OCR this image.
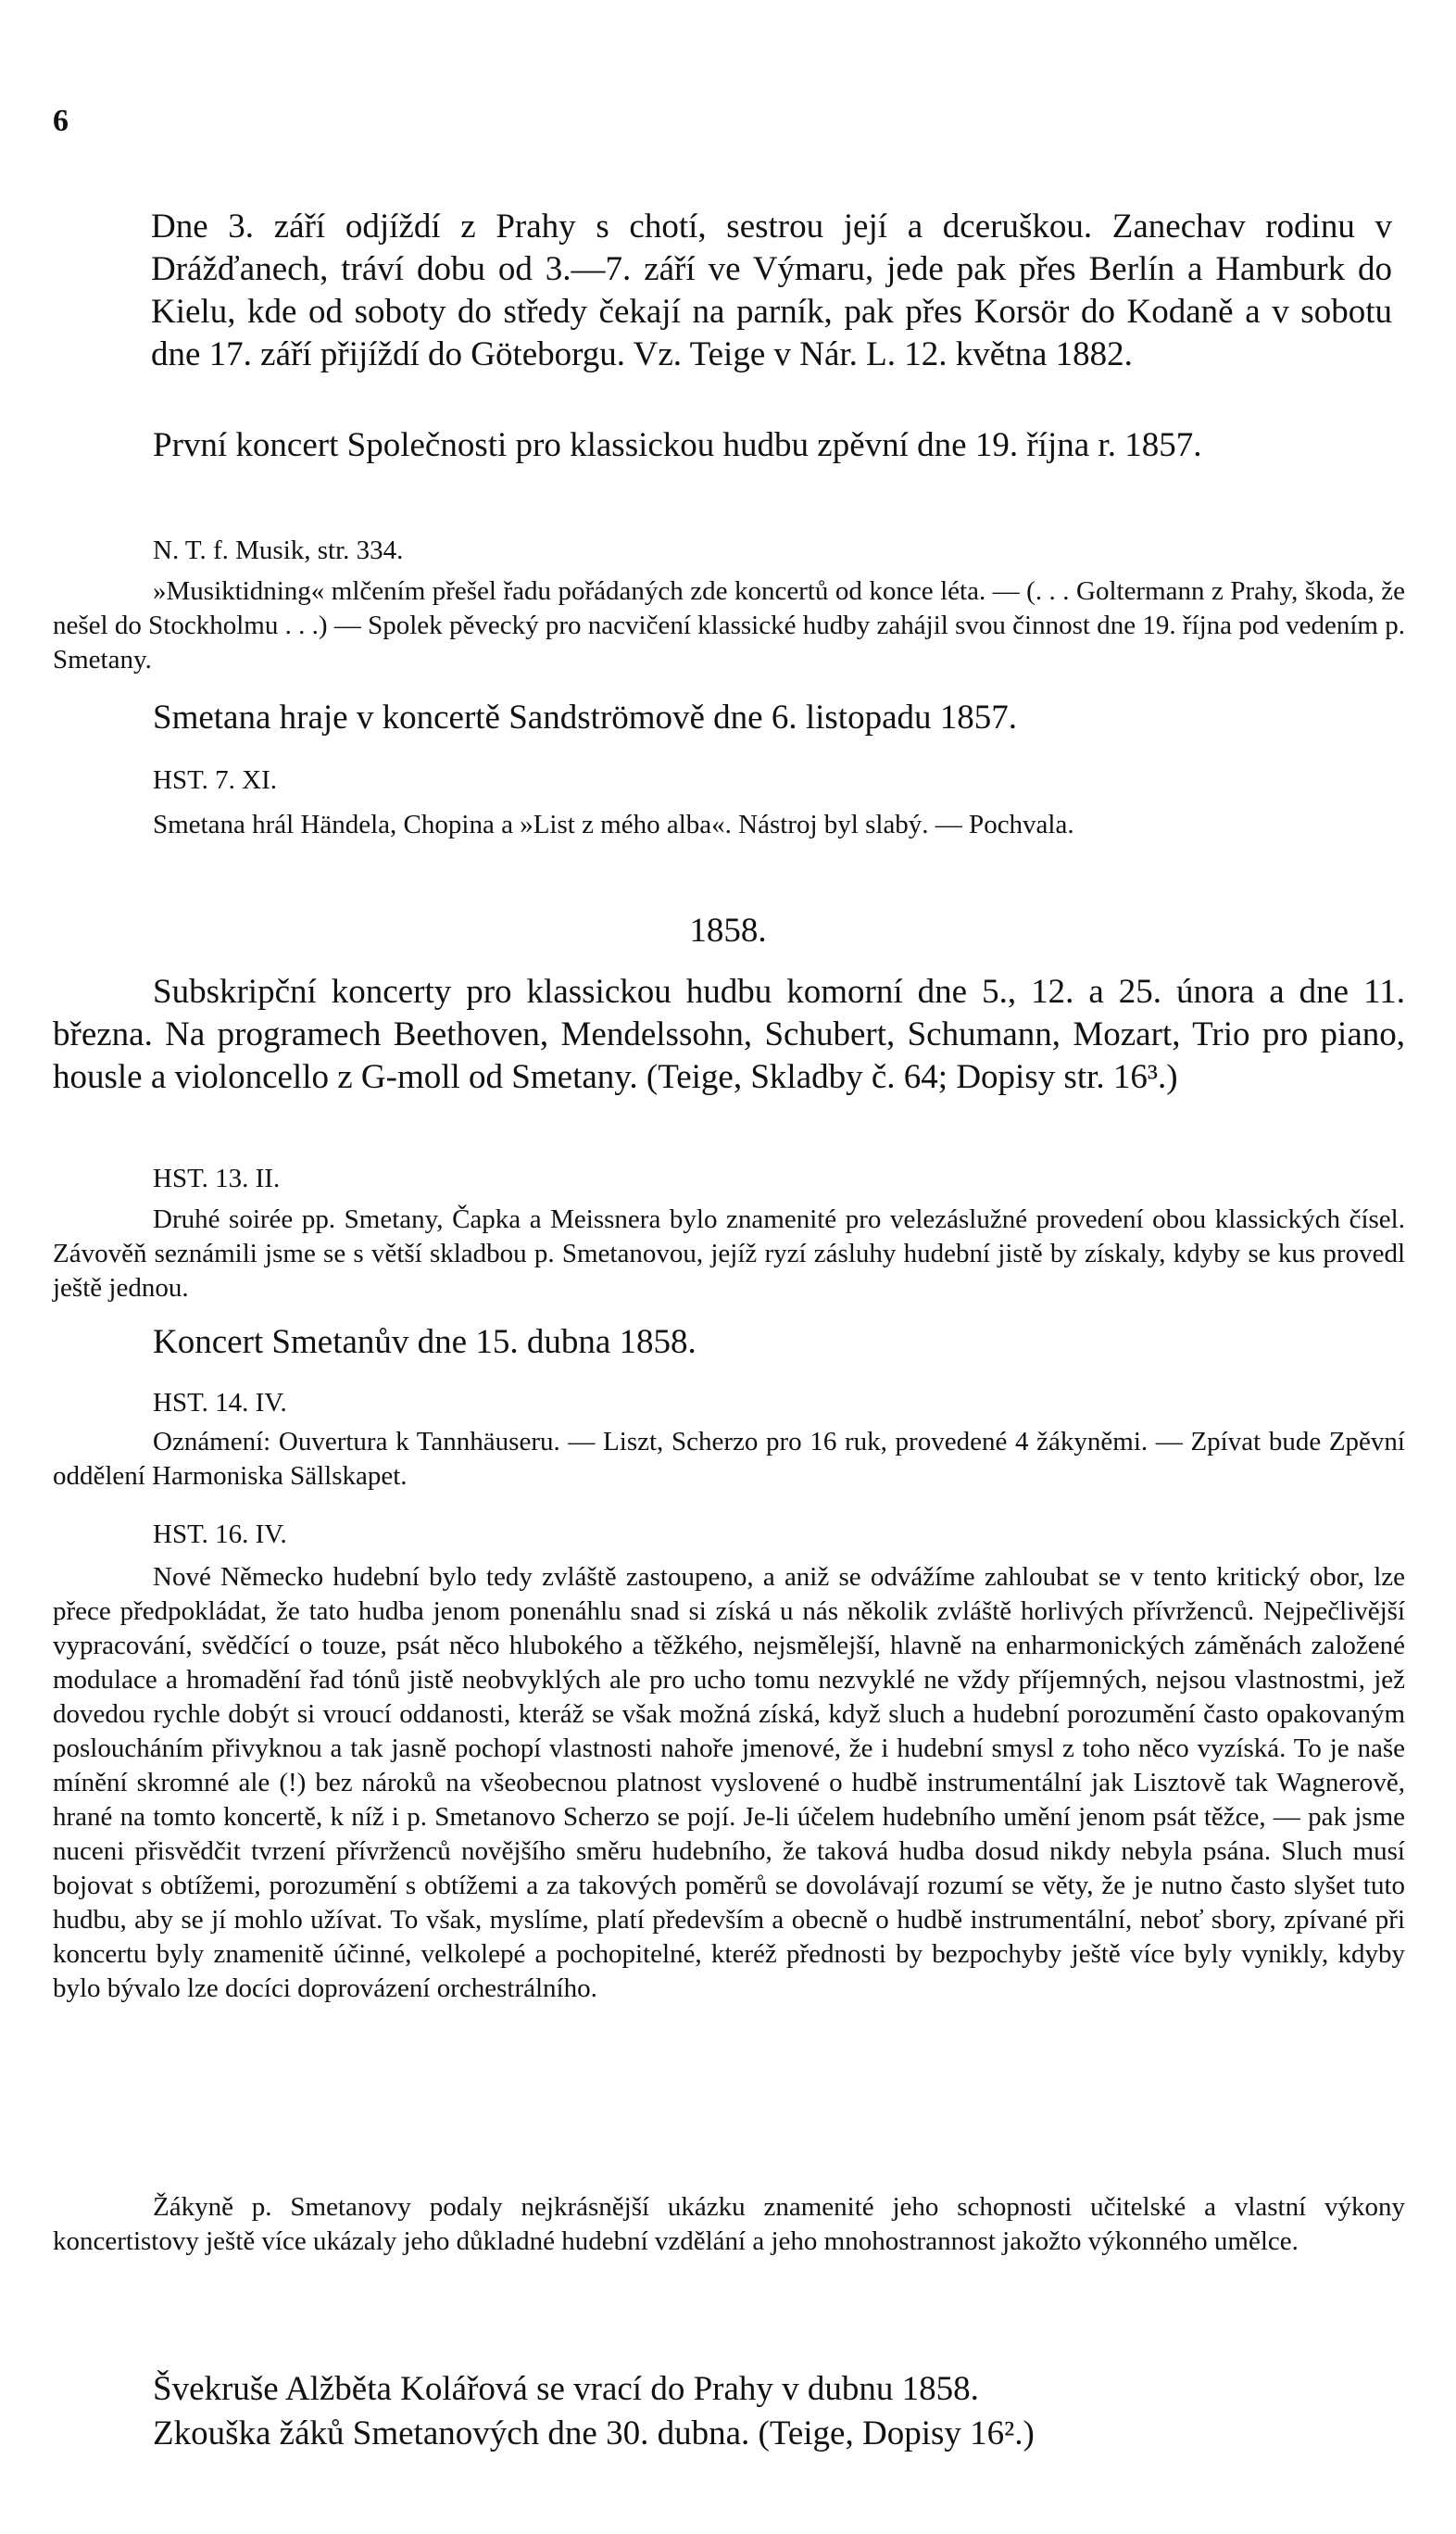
6

Dne 3. září odjíždí z Prahy s chotí, sestrou její a dceruškou. Zanechav rodinu v Drážďanech, tráví dobu od 3.—7. září ve Výmaru, jede pak přes Berlín a Hamburk do Kielu, kde od soboty do středy čekají na parník, pak přes Korsör do Kodaně a v sobotu dne 17. září přijíždí do Göteborgu. Vz. Teige v Nár. L. 12. května 1882.

První koncert Společnosti pro klassickou hudbu zpěvní dne 19. října r. 1857.

N. T. f. Musik, str. 334.

»Musiktidning« mlčením přešel řadu pořádaných zde koncertů od konce léta. — (. . . Goltermann z Prahy, škoda, že nešel do Stockholmu . . .) — Spolek pěvecký pro nacvičení klassické hudby zahájil svou činnost dne 19. října pod vedením p. Smetany.

Smetana hraje v koncertě Sandströmově dne 6. listopadu 1857.

HST. 7. XI.

Smetana hrál Händela, Chopina a »List z mého alba«. Nástroj byl slabý. — Pochvala.

1858.

Subskripční koncerty pro klassickou hudbu komorní dne 5., 12. a 25. února a dne 11. března. Na programech Beethoven, Mendelssohn, Schubert, Schumann, Mozart, Trio pro piano, housle a violoncello z G-moll od Smetany. (Teige, Skladby č. 64; Dopisy str. 16³.)

HST. 13. II.

Druhé soirée pp. Smetany, Čapka a Meissnera bylo znamenité pro velezáslužné provedení obou klassických čísel. Závověň seznámili jsme se s větší skladbou p. Smetanovou, jejíž ryzí zásluhy hudební jistě by získaly, kdyby se kus provedl ještě jednou.

Koncert Smetanův dne 15. dubna 1858.

HST. 14. IV.

Oznámení: Ouvertura k Tannhäuseru. — Liszt, Scherzo pro 16 ruk, provedené 4 žákyněmi. — Zpívat bude Zpěvní oddělení Harmoniska Sällskapet.

HST. 16. IV.

Nové Německo hudební bylo tedy zvláště zastoupeno, a aniž se odvážíme zahloubat se v tento kritický obor, lze přece předpokládat, že tato hudba jenom ponenáhlu snad si získá u nás několik zvláště horlivých přívrženců. Nejpečlivější vypracování, svědčící o touze, psát něco hlubokého a těžkého, nejsmělejší, hlavně na enharmonických záměnách založené modulace a hromadění řad tónů jistě neobvyklých ale pro ucho tomu nezvyklé ne vždy příjemných, nejsou vlastnostmi, jež dovedou rychle dobýt si vroucí oddanosti, kteráž se však možná získá, když sluch a hudební porozumění často opakovaným posloucháním přivyknou a tak jasně pochopí vlastnosti nahoře jmenové, že i hudební smysl z toho něco vyzíská. To je naše mínění skromné ale (!) bez nároků na všeobecnou platnost vyslovené o hudbě instrumentální jak Lisztově tak Wagnerově, hrané na tomto koncertě, k níž i p. Smetanovo Scherzo se pojí. Je-li účelem hudebního umění jenom psát těžce, — pak jsme nuceni přisvědčit tvrzení přívrženců novějšího směru hudebního, že taková hudba dosud nikdy nebyla psána. Sluch musí bojovat s obtížemi, porozumění s obtížemi a za takových poměrů se dovolávají rozumí se věty, že je nutno často slyšet tuto hudbu, aby se jí mohlo užívat. To však, myslíme, platí především a obecně o hudbě instrumentální, neboť sbory, zpívané při koncertu byly znamenitě účinné, velkolepé a pochopitelné, kteréž přednosti by bezpochyby ještě více byly vynikly, kdyby bylo bývalo lze docíci doprovázení orchestrálního.

Žákyně p. Smetanovy podaly nejkrásnější ukázku znamenité jeho schopnosti učitelské a vlastní výkony koncertistovy ještě více ukázaly jeho důkladné hudební vzdělání a jeho mnohostrannost jakožto výkonného umělce.

Švekruše Alžběta Kolářová se vrací do Prahy v dubnu 1858.

Zkouška žáků Smetanových dne 30. dubna. (Teige, Dopisy 16².)
